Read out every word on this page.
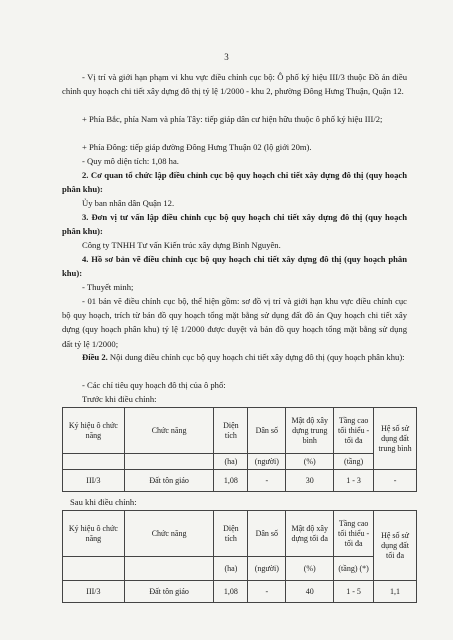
3
- Vị trí và giới hạn phạm vi khu vực điều chỉnh cục bộ: Ô phố ký hiệu III/3 thuộc Đồ án điều chỉnh quy hoạch chi tiết xây dựng đô thị tỷ lệ 1/2000 - khu 2, phường Đông Hưng Thuận, Quận 12.
+ Phía Bắc, phía Nam và phía Tây: tiếp giáp dân cư hiện hữu thuộc ô phố ký hiệu III/2;
+ Phía Đông: tiếp giáp đường Đông Hưng Thuận 02 (lộ giới 20m).
- Quy mô diện tích: 1,08 ha.
2. Cơ quan tổ chức lập điều chỉnh cục bộ quy hoạch chi tiết xây dựng đô thị (quy hoạch phân khu):
Ủy ban nhân dân Quận 12.
3. Đơn vị tư vấn lập điều chỉnh cục bộ quy hoạch chi tiết xây dựng đô thị (quy hoạch phân khu):
Công ty TNHH Tư vấn Kiến trúc xây dựng Bình Nguyên.
4. Hồ sơ bản vẽ điều chỉnh cục bộ quy hoạch chi tiết xây dựng đô thị (quy hoạch phân khu):
- Thuyết minh;
- 01 bản vẽ điều chỉnh cục bộ, thể hiện gồm: sơ đồ vị trí và giới hạn khu vực điều chỉnh cục bộ quy hoạch, trích từ bản đồ quy hoạch tổng mặt bằng sử dụng đất đồ án Quy hoạch chi tiết xây dựng (quy hoạch phân khu) tỷ lệ 1/2000 được duyệt và bản đồ quy hoạch tổng mặt bằng sử dụng đất tỷ lệ 1/2000;
Điều 2. Nội dung điều chỉnh cục bộ quy hoạch chi tiết xây dựng đô thị (quy hoạch phân khu):
- Các chỉ tiêu quy hoạch đô thị của ô phố:
Trước khi điều chỉnh:
Ký hiệu ô chức năng	Chức năng	Diện tích	Dân số	Mật độ xây dựng trung bình	Tầng cao tối thiểu - tối đa	Hệ số sử dụng đất trung bình

		(ha)	(người)	(%)	(tầng)	
III/3	Đất tôn giáo	1,08	-	30	1 - 3	-
Sau khi điều chỉnh:
Ký hiệu ô chức năng	Chức năng	Diện tích	Dân số	Mật độ xây dựng tối đa	Tầng cao tối thiểu - tối đa	Hệ số sử dụng đất tối đa

		(ha)	(người)	(%)	(tầng) (*)	
III/3	Đất tôn giáo	1,08	-	40	1 - 5	1,1
